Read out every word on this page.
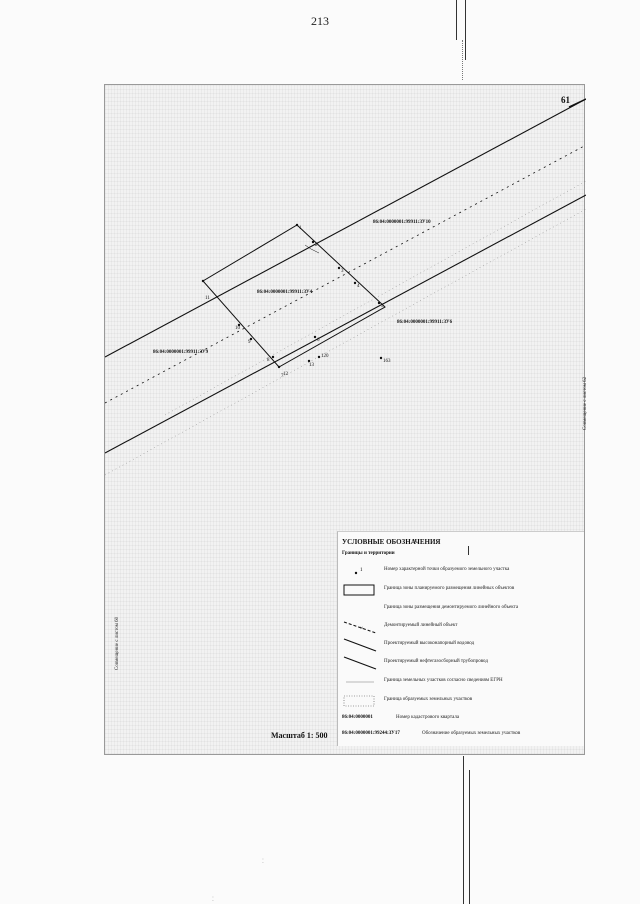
213
86:04:0000001:99911:ЗУ10
86:04:0000001:99911:ЗУ4
86:04:0000001:99911:ЗУ6
86:04:0000001:99911:ЗУ9
1
2
3
4
5
6
7
8
9
10
11
12
13
120
163
61
Совмещение с листом 62
Совмещение с листом 60
УСЛОВНЫЕ ОБОЗНАЧЕНИЯ
Границы и территории
1	Номер характерной точки образуемого земельного участка
Граница зоны планируемого размещения линейных объектов
Граница зоны размещения демонтируемого линейного объекта
×
Демонтируемый линейный объект
Проектируемый высоконапорный водовод
Проектируемый нефтегазосборный трубопровод
Граница земельных участков согласно сведениям ЕГРН
Граница образуемых земельных участков
86:04:0000001	Номер кадастрового квартала
86:04:0000001:99244:ЗУ17	Обозначение образуемых земельных участков
Масштаб 1: 500
⁚
⁚
